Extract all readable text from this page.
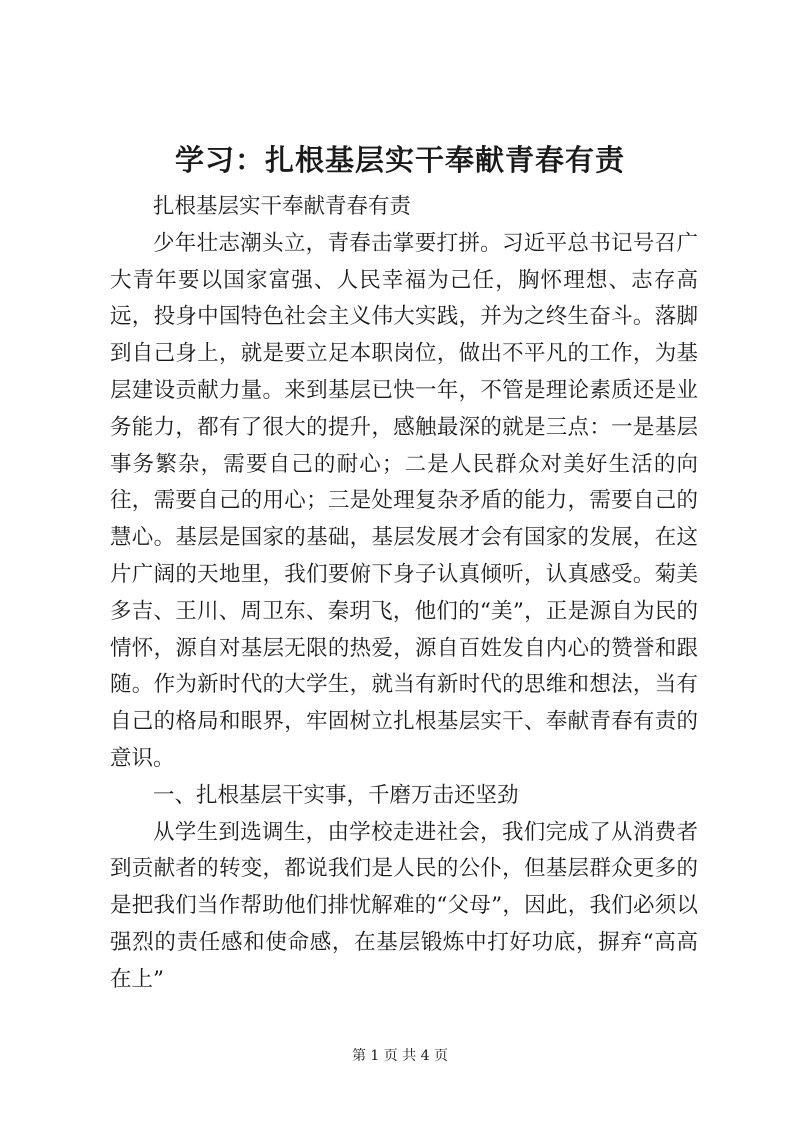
学习：扎根基层实干奉献青春有责

扎根基层实干奉献青春有责

少年壮志潮头立，青春击掌要打拼。习近平总书记号召广大青年要以国家富强、人民幸福为己任，胸怀理想、志存高远，投身中国特色社会主义伟大实践，并为之终生奋斗。落脚到自己身上，就是要立足本职岗位，做出不平凡的工作，为基层建设贡献力量。来到基层已快一年，不管是理论素质还是业务能力，都有了很大的提升，感触最深的就是三点：一是基层事务繁杂，需要自己的耐心；二是人民群众对美好生活的向往，需要自己的用心；三是处理复杂矛盾的能力，需要自己的慧心。基层是国家的基础，基层发展才会有国家的发展，在这片广阔的天地里，我们要俯下身子认真倾听，认真感受。菊美多吉、王川、周卫东、秦玥飞，他们的“美”，正是源自为民的情怀，源自对基层无限的热爱，源自百姓发自内心的赞誉和跟随。作为新时代的大学生，就当有新时代的思维和想法，当有自己的格局和眼界，牢固树立扎根基层实干、奉献青春有责的意识。

一、扎根基层干实事，千磨万击还坚劲

从学生到选调生，由学校走进社会，我们完成了从消费者到贡献者的转变，都说我们是人民的公仆，但基层群众更多的是把我们当作帮助他们排忧解难的“父母”，因此，我们必须以强烈的责任感和使命感，在基层锻炼中打好功底，摒弃“高高在上”

第 1 页 共 4 页
